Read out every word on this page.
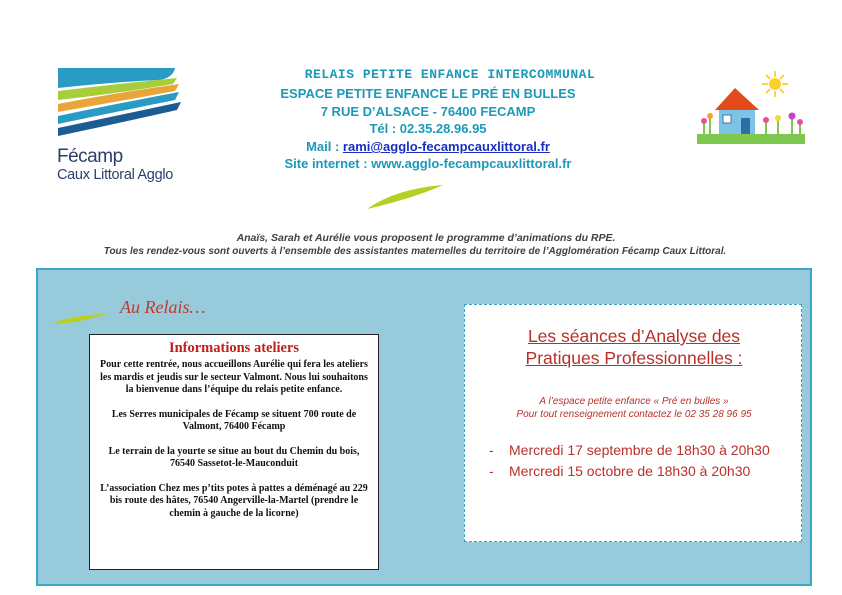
Fécamp
Caux Littoral Agglo
RELAIS PETITE ENFANCE INTERCOMMUNAL
ESPACE PETITE ENFANCE LE PRÉ EN BULLES
7 RUE D’ALSACE - 76400 FECAMP
Tél : 02.35.28.96.95
Mail : rami@agglo-fecampcauxlittoral.fr
Site internet : www.agglo-fecampcauxlittoral.fr
Anaïs, Sarah et Aurélie vous proposent le programme d’animations du RPE.
Tous les rendez-vous sont ouverts à l’ensemble des assistantes maternelles du territoire de l’Agglomération Fécamp Caux Littoral.
Au Relais…
Informations ateliers

Pour cette rentrée, nous accueillons Aurélie qui fera les ateliers les mardis et jeudis sur le secteur Valmont. Nous lui souhaitons la bienvenue dans l’équipe du relais petite enfance.

Les Serres municipales de Fécamp se situent 700 route de Valmont, 76400 Fécamp

Le terrain de la yourte se situe au bout du Chemin du bois, 76540 Sassetot-le-Mauconduit

L’association Chez mes p’tits potes à pattes a déménagé au 229 bis route des hâtes, 76540 Angerville-la-Martel (prendre le chemin à gauche de la licorne)

Les séances d’Analyse des
Pratiques Professionnelles :
A l’espace petite enfance « Pré en bulles »
Pour tout renseignement contactez le 02 35 28 96 95
- Mercredi 17 septembre de 18h30 à 20h30
- Mercredi 15 octobre de 18h30 à 20h30
